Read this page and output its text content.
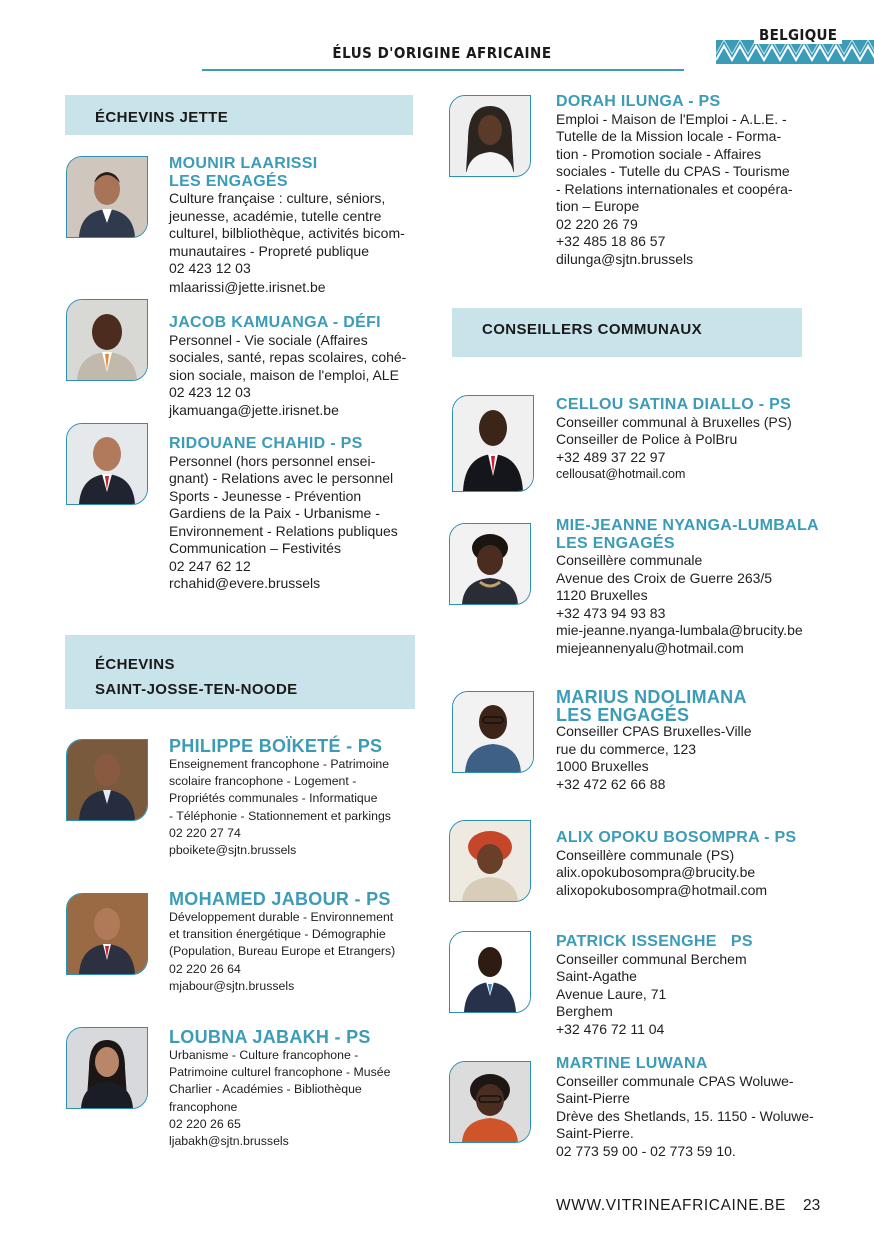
ÉLUS D'ORIGINE AFRICAINE
BELGIQUE
ÉCHEVINS JETTE
ÉCHEVINS
SAINT-JOSSE-TEN-NOODE
CONSEILLERS COMMUNAUX
MOUNIR LAARISSI
LES ENGAGÉS
Culture française : culture, séniors,
jeunesse, académie, tutelle centre
culturel, bilbliothèque, activités bicom-
munautaires - Propreté publique
02 423 12 03
mlaarissi@jette.irisnet.be
JACOB KAMUANGA - DÉFI
Personnel - Vie sociale (Affaires
sociales, santé, repas scolaires, cohé-
sion sociale, maison de l'emploi, ALE
02 423 12 03
jkamuanga@jette.irisnet.be
RIDOUANE CHAHID - PS
Personnel (hors personnel ensei-
gnant) - Relations avec le personnel
Sports - Jeunesse - Prévention
Gardiens de la Paix - Urbanisme -
Environnement - Relations publiques
Communication – Festivités
02 247 62 12
rchahid@evere.brussels
PHILIPPE BOÏKETÉ - PS
Enseignement francophone - Patrimoine
scolaire francophone - Logement -
Propriétés communales - Informatique
- Téléphonie - Stationnement et parkings
02 220 27 74
pboikete@sjtn.brussels
MOHAMED JABOUR - PS
Développement durable - Environnement
et transition énergétique - Démographie
(Population, Bureau Europe et Etrangers)
02 220 26 64
mjabour@sjtn.brussels
LOUBNA JABAKH - PS
Urbanisme - Culture francophone -
Patrimoine culturel francophone - Musée
Charlier - Académies - Bibliothèque
francophone
02 220 26 65
ljabakh@sjtn.brussels
DORAH ILUNGA - PS
Emploi - Maison de l'Emploi - A.L.E. -
Tutelle de la Mission locale - Forma-
tion - Promotion sociale - Affaires
sociales - Tutelle du CPAS - Tourisme
- Relations internationales et coopéra-
tion – Europe
02 220 26 79
+32 485 18 86 57
dilunga@sjtn.brussels
CELLOU SATINA DIALLO - PS
Conseiller communal à Bruxelles (PS)
Conseiller de Police à PolBru
+32 489 37 22 97
cellousat@hotmail.com
MIE-JEANNE NYANGA-LUMBALA
LES ENGAGÉS
Conseillère communale
Avenue des Croix de Guerre 263/5
1120 Bruxelles
+32 473 94 93 83
mie-jeanne.nyanga-lumbala@brucity.be
miejeannenyalu@hotmail.com
MARIUS NDOLIMANA
LES ENGAGÉS
Conseiller CPAS Bruxelles-Ville
rue du commerce, 123
1000 Bruxelles
+32 472 62 66 88
ALIX OPOKU BOSOMPRA - PS
Conseillère communale (PS)
alix.opokubosompra@brucity.be
alixopokubosompra@hotmail.com
PATRICK ISSENGHE   PS
Conseiller communal Berchem
Saint-Agathe
Avenue Laure, 71
Berghem
+32 476 72 11 04
MARTINE LUWANA
Conseiller communale CPAS Woluwe-
Saint-Pierre
Drève des Shetlands, 15. 1150 - Woluwe-
Saint-Pierre.
02 773 59 00 - 02 773 59 10.
WWW.VITRINEAFRICAINE.BE 23
